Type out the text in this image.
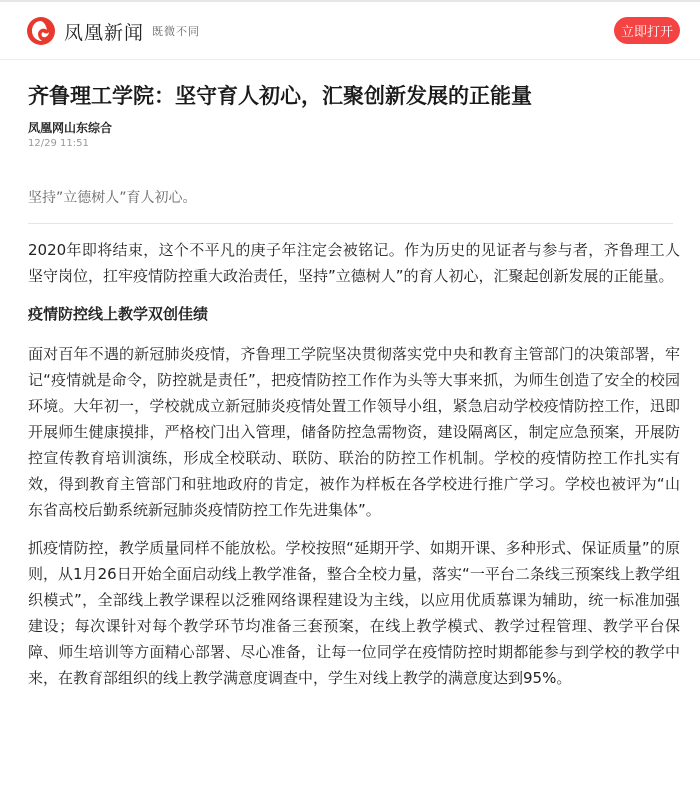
凤凰新闻 既微不同	立即打开
齐鲁理工学院：坚守育人初心，汇聚创新发展的正能量
凤凰网山东综合
12/29 11:51
坚持”立德树人”育人初心。

2020年即将结束，这个不平凡的庚子年注定会被铭记。作为历史的见证者与参与者，齐鲁理工人坚守岗位，扛牢疫情防控重大政治责任，坚持”立德树人”的育人初心，汇聚起创新发展的正能量。

疫情防控线上教学双创佳绩

面对百年不遇的新冠肺炎疫情，齐鲁理工学院坚决贯彻落实党中央和教育主管部门的决策部署，牢记“疫情就是命令，防控就是责任”，把疫情防控工作作为头等大事来抓，为师生创造了安全的校园环境。大年初一，学校就成立新冠肺炎疫情处置工作领导小组，紧急启动学校疫情防控工作，迅即开展师生健康摸排，严格校门出入管理，储备防控急需物资，建设隔离区，制定应急预案，开展防控宣传教育培训演练，形成全校联动、联防、联治的防控工作机制。学校的疫情防控工作扎实有效，得到教育主管部门和驻地政府的肯定，被作为样板在各学校进行推广学习。学校也被评为“山东省高校后勤系统新冠肺炎疫情防控工作先进集体”。

抓疫情防控，教学质量同样不能放松。学校按照“延期开学、如期开课、多种形式、保证质量”的原则，从1月26日开始全面启动线上教学准备，整合全校力量，落实“一平台二条线三预案线上教学组织模式”，全部线上教学课程以泛雅网络课程建设为主线，以应用优质慕课为辅助，统一标准加强建设；每次课针对每个教学环节均准备三套预案，在线上教学模式、教学过程管理、教学平台保障、师生培训等方面精心部署、尽心准备，让每一位同学在疫情防控时期都能参与到学校的教学中来，在教育部组织的线上教学满意度调查中，学生对线上教学的满意度达到95%。
